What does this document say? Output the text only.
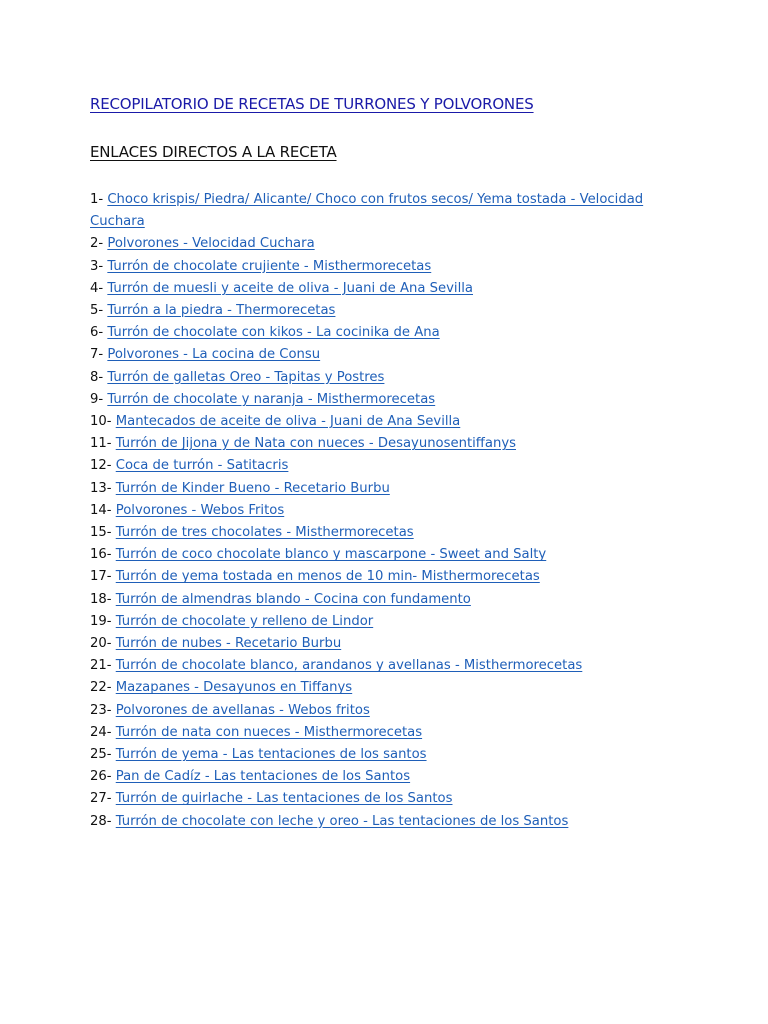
RECOPILATORIO DE RECETAS DE TURRONES Y POLVORONES
ENLACES DIRECTOS A LA RECETA
1- Choco krispis/ Piedra/ Alicante/ Choco con frutos secos/ Yema tostada - Velocidad Cuchara
2- Polvorones - Velocidad Cuchara
3- Turrón de chocolate crujiente - Misthermorecetas
4- Turrón de muesli y aceite de oliva - Juani de Ana Sevilla
5- Turrón a la piedra - Thermorecetas
6- Turrón de chocolate con kikos - La cocinika de Ana
7- Polvorones - La cocina de Consu
8- Turrón de galletas Oreo - Tapitas y Postres
9- Turrón de chocolate y naranja - Misthermorecetas
10- Mantecados de aceite de oliva - Juani de Ana Sevilla
11- Turrón de Jijona y de Nata con nueces - Desayunosentiffanys
12- Coca de turrón - Satitacris
13- Turrón de Kinder Bueno - Recetario Burbu
14- Polvorones - Webos Fritos
15- Turrón de tres chocolates - Misthermorecetas
16- Turrón de coco chocolate blanco y mascarpone - Sweet and Salty
17- Turrón de yema tostada en menos de 10 min- Misthermorecetas
18- Turrón de almendras blando - Cocina con fundamento
19- Turrón de chocolate y relleno de Lindor
20- Turrón de nubes - Recetario Burbu
21- Turrón de chocolate blanco, arandanos y avellanas - Misthermorecetas
22- Mazapanes - Desayunos en Tiffanys
23- Polvorones de avellanas - Webos fritos
24- Turrón de nata con nueces - Misthermorecetas
25- Turrón de yema - Las tentaciones de los santos
26- Pan de Cadíz - Las tentaciones de los Santos
27- Turrón de guirlache - Las tentaciones de los Santos
28- Turrón de chocolate con leche y oreo - Las tentaciones de los Santos
